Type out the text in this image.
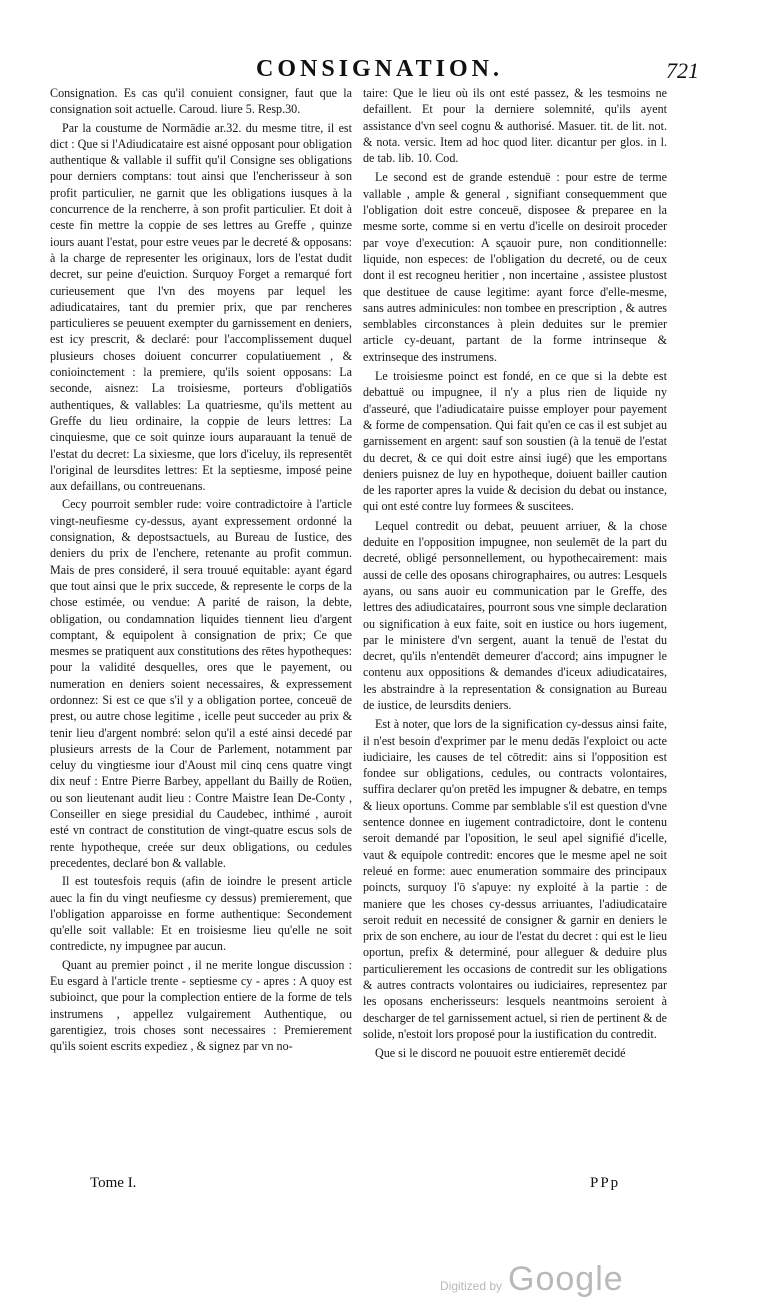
CONSIGNATION.	721

Consignation. Es cas qu'il conuient consigner, faut que la consignation soit actuelle. Caroud. liure 5. Resp.30.

Par la coustume de Normādie ar.32. du mesme titre, il est dict : Que si l'Adiudicataire est aisné opposant pour obligation authentique & vallable il suffit qu'il Consigne ses obligations pour derniers comptans: tout ainsi que l'encherisseur à son profit particulier, ne garnit que les obligations iusques à la concurrence de la rencherre, à son profit particulier. Et doit à ceste fin mettre la coppie de ses lettres au Greffe , quinze iours auant l'estat, pour estre veues par le decreté & opposans: à la charge de representer les originaux, lors de l'estat dudit decret, sur peine d'euiction. Surquoy Forget a remarqué fort curieusement que l'vn des moyens par lequel les adiudicataires, tant du premier prix, que par rencheres particulieres se peuuent exempter du garnissement en deniers, est icy prescrit, & declaré: pour l'accomplissement duquel plusieurs choses doiuent concurrer copulatiuement , & conioinctement : la premiere, qu'ils soient opposans: La seconde, aisnez: La troisiesme, porteurs d'obligatiōs authentiques, & vallables: La quatriesme, qu'ils mettent au Greffe du lieu ordinaire, la coppie de leurs lettres: La cinquiesme, que ce soit quinze iours auparauant la tenuë de l'estat du decret: La sixiesme, que lors d'iceluy, ils representēt l'original de leursdites lettres: Et la septiesme, imposé peine aux defaillans, ou contreuenans.

Cecy pourroit sembler rude: voire contradictoire à l'article vingt-neufiesme cy-dessus, ayant expressement ordonné la consignation, & depostsactuels, au Bureau de Iustice, des deniers du prix de l'enchere, retenante au profit commun. Mais de pres consideré, il sera trouué equitable: ayant égard que tout ainsi que le prix succede, & represente le corps de la chose estimée, ou vendue: A parité de raison, la debte, obligation, ou condamnation liquides tiennent lieu d'argent comptant, & equipolent à consignation de prix; Ce que mesmes se pratiquent aux constitutions des rētes hypotheques: pour la validité desquelles, ores que le payement, ou numeration en deniers soient necessaires, & expressement ordonnez: Si est ce que s'il y a obligation portee, conceuë de prest, ou autre chose legitime , icelle peut succeder au prix & tenir lieu d'argent nombré: selon qu'il a esté ainsi decedé par plusieurs arrests de la Cour de Parlement, notamment par celuy du vingtiesme iour d'Aoust mil cinq cens quatre vingt dix neuf : Entre Pierre Barbey, appellant du Bailly de Roüen, ou son lieutenant audit lieu : Contre Maistre Iean De-Conty , Conseiller en siege presidial du Caudebec, inthimé , auroit esté vn contract de constitution de vingt-quatre escus sols de rente hypotheque, creée sur deux obligations, ou cedules precedentes, declaré bon & vallable.

Il est toutesfois requis (afin de ioindre le present article auec la fin du vingt neufiesme cy dessus) premierement, que l'obligation apparoisse en forme authentique: Secondement qu'elle soit vallable: Et en troisiesme lieu qu'elle ne soit contredicte, ny impugnee par aucun.

Quant au premier poinct , il ne merite longue discussion : Eu esgard à l'article trente - septiesme cy - apres : A quoy est subioinct, que pour la complection entiere de la forme de tels instrumens , appellez vulgairement Authentique, ou garentigiez, trois choses sont necessaires : Premierement qu'ils soient escrits expediez , & signez par vn no-

taire: Que le lieu où ils ont esté passez, & les tesmoins ne defaillent. Et pour la derniere solemnité, qu'ils ayent assistance d'vn seel cognu & authorisé. Masuer. tit. de lit. not. & nota. versic. Item ad hoc quod liter. dicantur per glos. in l. de tab. lib. 10. Cod.

Le second est de grande estenduë : pour estre de terme vallable , ample & general , signifiant consequemment que l'obligation doit estre conceuë, disposee & preparee en la mesme sorte, comme si en vertu d'icelle on desiroit proceder par voye d'execution: A sçauoir pure, non conditionnelle: liquide, non especes: de l'obligation du decreté, ou de ceux dont il est recogneu heritier , non incertaine , assistee plustost que destituee de cause legitime: ayant force d'elle-mesme, sans autres adminicules: non tombee en prescription , & autres semblables circonstances à plein deduites sur le premier article cy-deuant, partant de la forme intrinseque & extrinseque des instrumens.

Le troisiesme poinct est fondé, en ce que si la debte est debattuë ou impugnee, il n'y a plus rien de liquide ny d'asseuré, que l'adiudicataire puisse employer pour payement & forme de compensation. Qui fait qu'en ce cas il est subjet au garnissement en argent: sauf son soustien (à la tenuë de l'estat du decret, & ce qui doit estre ainsi iugé) que les emportans deniers puisnez de luy en hypotheque, doiuent bailler caution de les raporter apres la vuide & decision du debat ou instance, qui ont esté contre luy formees & suscitees.

Lequel contredit ou debat, peuuent arriuer, & la chose deduite en l'opposition impugnee, non seulemēt de la part du decreté, obligé personnellement, ou hypothecairement: mais aussi de celle des oposans chirographaires, ou autres: Lesquels ayans, ou sans auoir eu communication par le Greffe, des lettres des adiudicataires, pourront sous vne simple declaration ou signification à eux faite, soit en iustice ou hors iugement, par le ministere d'vn sergent, auant la tenuë de l'estat du decret, qu'ils n'entendēt demeurer d'accord; ains impugner le contenu aux oppositions & demandes d'iceux adiudicataires, les abstraindre à la representation & consignation au Bureau de iustice, de leursdits deniers.

Est à noter, que lors de la signification cy-dessus ainsi faite, il n'est besoin d'exprimer par le menu dedās l'exploict ou acte iudiciaire, les causes de tel cōtredit: ains si l'opposition est fondee sur obligations, cedules, ou contracts volontaires, suffira declarer qu'on pretēd les impugner & debatre, en temps & lieux oportuns. Comme par semblable s'il est question d'vne sentence donnee en iugement contradictoire, dont le contenu seroit demandé par l'oposition, le seul apel signifié d'icelle, vaut & equipole contredit: encores que le mesme apel ne soit releué en forme: auec enumeration sommaire des principaux poincts, surquoy l'ō s'apuye: ny exploité à la partie : de maniere que les choses cy-dessus arriuantes, l'adiudicataire seroit reduit en necessité de consigner & garnir en deniers le prix de son enchere, au iour de l'estat du decret : qui est le lieu oportun, prefix & determiné, pour alleguer & deduire plus particulierement les occasions de contredit sur les obligations & autres contracts volontaires ou iudiciaires, representez par les oposans encherisseurs: lesquels neantmoins seroient à descharger de tel garnissement actuel, si rien de pertinent & de solide, n'estoit lors proposé pour la iustification du contredit.

Que si le discord ne pouuoit estre entieremēt decidé

Tome I.	PPp
Digitized by Google
